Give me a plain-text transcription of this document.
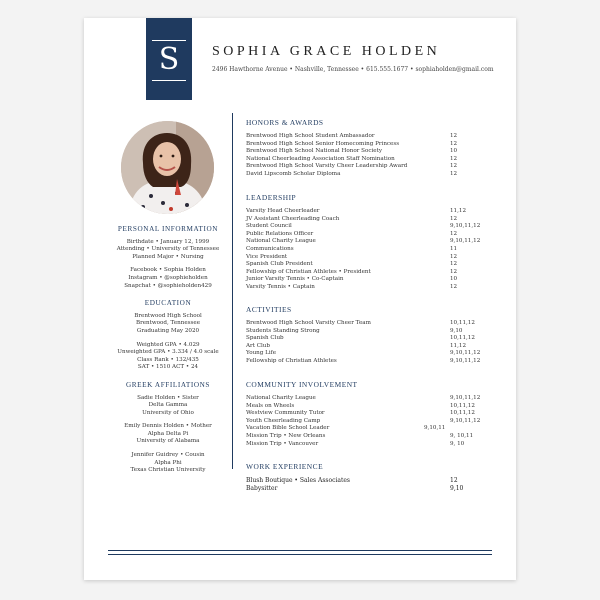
S	SOPHIA GRACE HOLDEN
2496 Hawthorne Avenue • Nashville, Tennessee • 615.555.1677 • sophiaholden@gmail.com
PERSONAL INFORMATION
Birthdate • January 12, 1999
Attending • University of Tennessee
Planned Major • Nursing
Facebook • Sophia Holden
Instagram • @sophieholden
Snapchat • @sophieholden429
EDUCATION
Brentwood High School
Brentwood, Tennessee
Graduating May 2020
Weighted GPA • 4.029
Unweighted GPA • 3.334 / 4.0 scale
Class Rank • 132/435
SAT • 1510 ACT • 24
GREEK AFFILIATIONS
Sadie Holden • Sister
Delta Gamma
University of Ohio
Emily Dennis Holden • Mother
Alpha Delta Pi
University of Alabama
Jennifer Guidrey • Cousin
Alpha Phi
Texas Christian University
HONORS & AWARDS
Brentwood High School Student Ambassador	12
Brentwood High School Senior Homecoming Princess	12
Brentwood High School National Honor Society	10
National Cheerleading Association Staff Nomination	12
Brentwood High School Varsity Cheer Leadership Award	12
David Lipscomb Scholar Diploma	12
LEADERSHIP
Varsity Head Cheerleader	11,12
JV Assistant Cheerleading Coach	12
Student Council	9,10,11,12
Public Relations Officer	12
National Charity League	9,10,11,12
Communications	11
Vice President	12
Spanish Club President	12
Fellowship of Christian Athletes • President	12
Junior Varsity Tennis • Co-Captain	10
Varsity Tennis • Captain	12
ACTIVITIES
Brentwood High School Varsity Cheer Team	10,11,12
Students Standing Strong	9,10
Spanish Club	10,11,12
Art Club	11,12
Young Life	9,10,11,12
Fellowship of Christian Athletes	9,10,11,12
COMMUNITY INVOLVEMENT
National Charity League	9,10,11,12
Meals on Wheels	10,11,12
Westview Community Tutor	10,11,12
Youth Cheerleading Camp	9,10,11,12
Vacation Bible School Leader	9,10,11
Mission Trip • New Orleans	9, 10,11
Mission Trip • Vancouver	9, 10
WORK EXPERIENCE
Blush Boutique • Sales Associates	12
Babysitter	9,10
